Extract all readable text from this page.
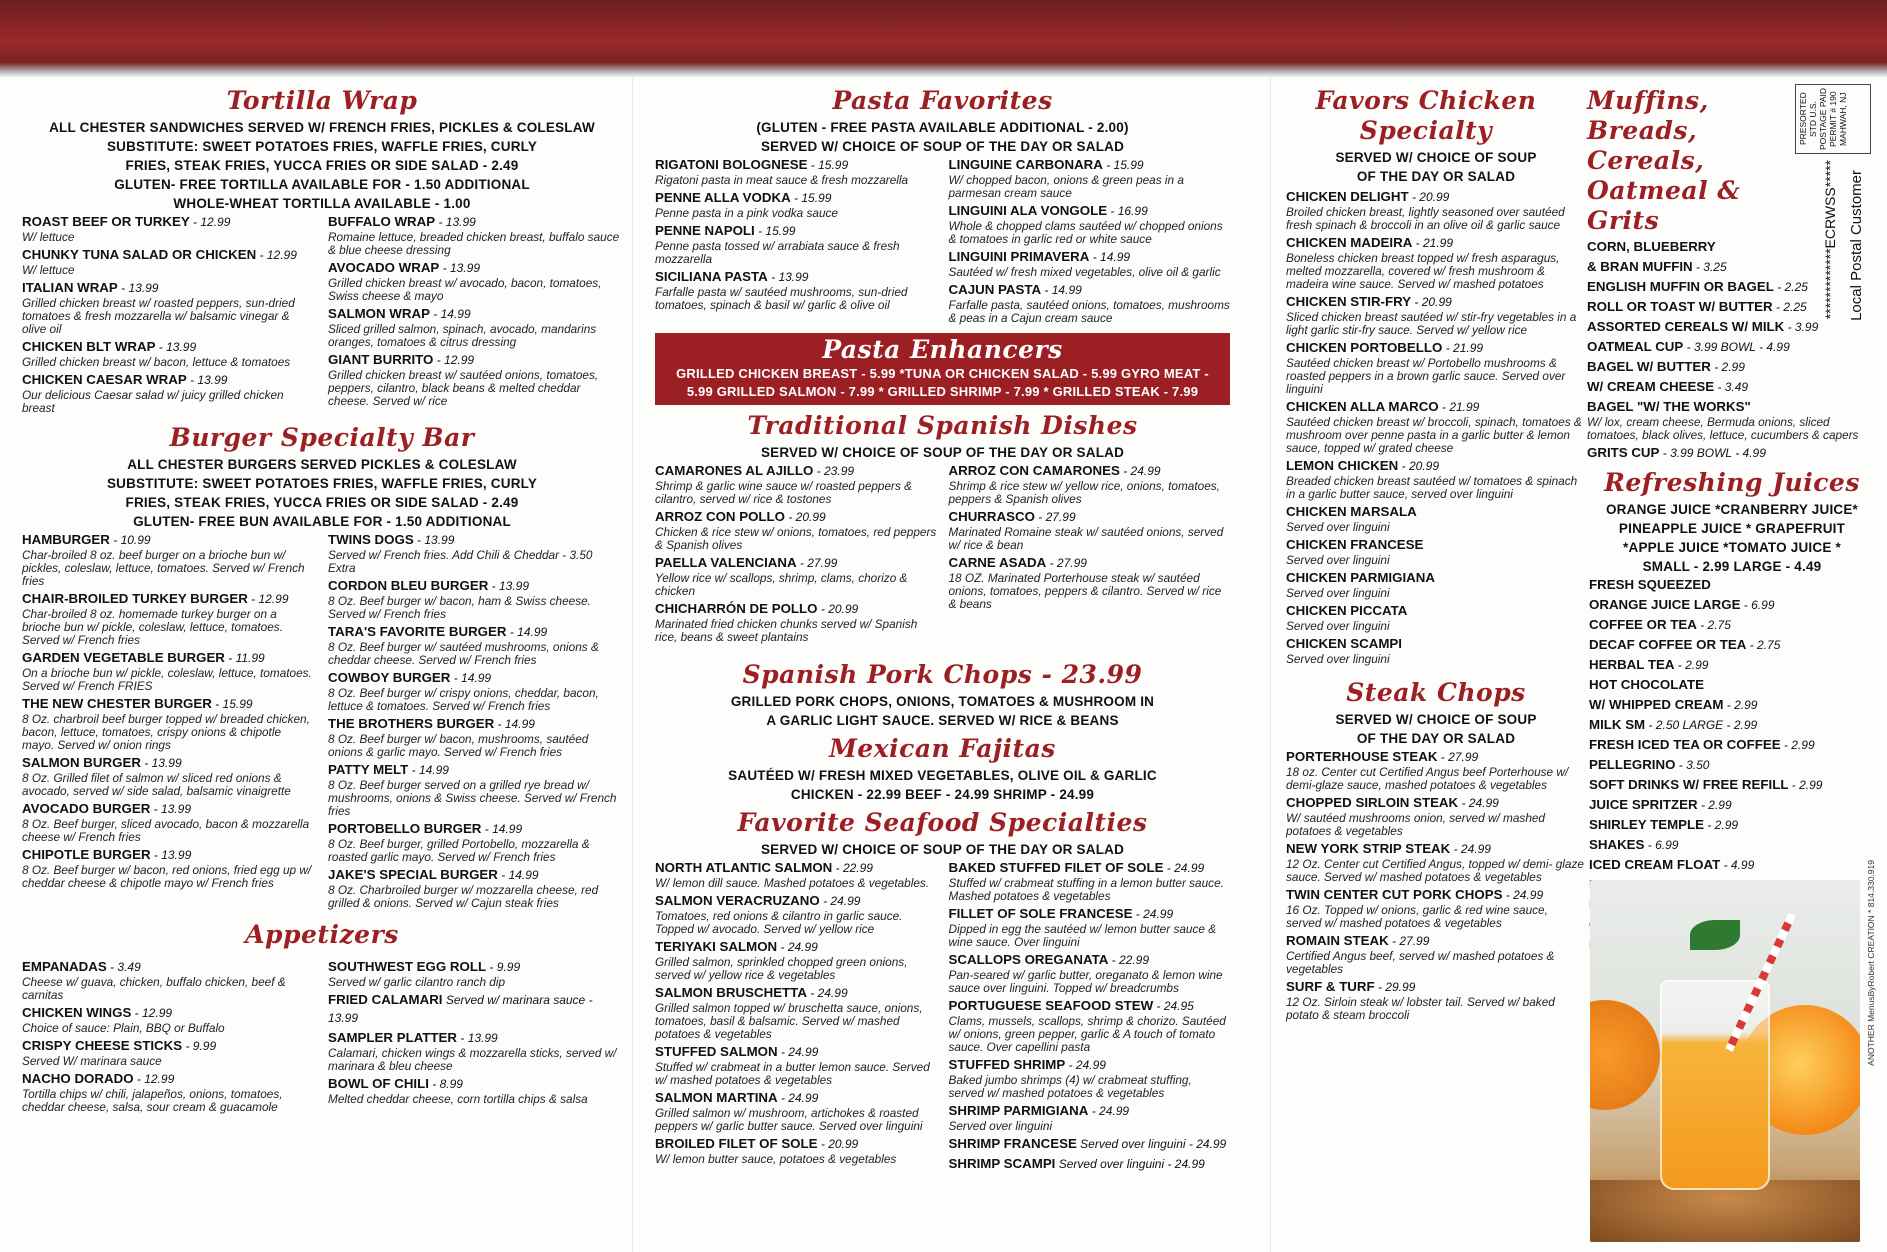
Tortilla Wrap
ALL CHESTER SANDWICHES SERVED W/ FRENCH FRIES, PICKLES & COLESLAW
SUBSTITUTE: SWEET POTATOES FRIES, WAFFLE FRIES, CURLY
FRIES, STEAK FRIES, YUCCA FRIES OR SIDE SALAD - 2.49
GLUTEN- FREE TORTILLA AVAILABLE FOR - 1.50 ADDITIONAL
WHOLE-WHEAT TORTILLA AVAILABLE - 1.00
ROAST BEEF OR TURKEY - 12.99
W/ lettuce
CHUNKY TUNA SALAD OR CHICKEN - 12.99
W/ lettuce
ITALIAN WRAP - 13.99
Grilled chicken breast w/ roasted peppers, sun-dried tomatoes & fresh mozzarella w/ balsamic vinegar & olive oil
CHICKEN BLT WRAP - 13.99
Grilled chicken breast w/ bacon, lettuce & tomatoes
CHICKEN CAESAR WRAP - 13.99
Our delicious Caesar salad w/ juicy grilled chicken breast
BUFFALO WRAP - 13.99
Romaine lettuce, breaded chicken breast, buffalo sauce & blue cheese dressing
AVOCADO WRAP - 13.99
Grilled chicken breast w/ avocado, bacon, tomatoes, Swiss cheese & mayo
SALMON WRAP - 14.99
Sliced grilled salmon, spinach, avocado, mandarins oranges, tomatoes & citrus dressing
GIANT BURRITO - 12.99
Grilled chicken breast w/ sautéed onions, tomatoes, peppers, cilantro, black beans & melted cheddar cheese. Served w/ rice
Burger Specialty Bar
ALL CHESTER BURGERS SERVED PICKLES & COLESLAW
SUBSTITUTE: SWEET POTATOES FRIES, WAFFLE FRIES, CURLY
FRIES, STEAK FRIES, YUCCA FRIES OR SIDE SALAD - 2.49
GLUTEN- FREE BUN AVAILABLE FOR - 1.50 ADDITIONAL
HAMBURGER - 10.99
Char-broiled 8 oz. beef burger on a brioche bun w/ pickles, coleslaw, lettuce, tomatoes. Served w/ French fries
CHAIR-BROILED TURKEY BURGER - 12.99
Char-broiled 8 oz. homemade turkey burger on a brioche bun w/ pickle, coleslaw, lettuce, tomatoes. Served w/ French fries
GARDEN VEGETABLE BURGER - 11.99
On a brioche bun w/ pickle, coleslaw, lettuce, tomatoes. Served w/ French FRIES
THE NEW CHESTER BURGER - 15.99
8 Oz. charbroil beef burger topped w/ breaded chicken, bacon, lettuce, tomatoes, crispy onions & chipotle mayo. Served w/ onion rings
SALMON BURGER - 13.99
8 Oz. Grilled filet of salmon w/ sliced red onions & avocado, served w/ side salad, balsamic vinaigrette
AVOCADO BURGER - 13.99
8 Oz. Beef burger, sliced avocado, bacon & mozzarella cheese w/ French fries
CHIPOTLE BURGER - 13.99
8 Oz. Beef burger w/ bacon, red onions, fried egg up w/ cheddar cheese & chipotle mayo w/ French fries
TWINS DOGS - 13.99
Served w/ French fries. Add Chili & Cheddar - 3.50 Extra
CORDON BLEU BURGER - 13.99
8 Oz. Beef burger w/ bacon, ham & Swiss cheese. Served w/ French fries
TARA'S FAVORITE BURGER - 14.99
8 Oz. Beef burger w/ sautéed mushrooms, onions & cheddar cheese. Served w/ French fries
COWBOY BURGER - 14.99
8 Oz. Beef burger w/ crispy onions, cheddar, bacon, lettuce & tomatoes. Served w/ French fries
THE BROTHERS BURGER - 14.99
8 Oz. Beef burger w/ bacon, mushrooms, sautéed onions & garlic mayo. Served w/ French fries
PATTY MELT - 14.99
8 Oz. Beef burger served on a grilled rye bread w/ mushrooms, onions & Swiss cheese. Served w/ French fries
PORTOBELLO BURGER - 14.99
8 Oz. Beef burger, grilled Portobello, mozzarella & roasted garlic mayo. Served w/ French fries
JAKE'S SPECIAL BURGER - 14.99
8 Oz. Charbroiled burger w/ mozzarella cheese, red grilled & onions. Served w/ Cajun steak fries
Appetizers
EMPANADAS - 3.49
Cheese w/ guava, chicken, buffalo chicken, beef & carnitas
CHICKEN WINGS - 12.99
Choice of sauce: Plain, BBQ or Buffalo
CRISPY CHEESE STICKS - 9.99
Served W/ marinara sauce
NACHO DORADO - 12.99
Tortilla chips w/ chili, jalapeños, onions, tomatoes, cheddar cheese, salsa, sour cream & guacamole
SOUTHWEST EGG ROLL - 9.99
Served w/ garlic cilantro ranch dip
FRIED CALAMARI Served w/ marinara sauce - 13.99
SAMPLER PLATTER - 13.99
Calamari, chicken wings & mozzarella sticks, served w/ marinara & bleu cheese
BOWL OF CHILI - 8.99
Melted cheddar cheese, corn tortilla chips & salsa
Pasta Favorites
(GLUTEN - FREE PASTA AVAILABLE ADDITIONAL - 2.00)
SERVED W/ CHOICE OF SOUP OF THE DAY OR SALAD
RIGATONI BOLOGNESE - 15.99
Rigatoni pasta in meat sauce & fresh mozzarella
PENNE ALLA VODKA - 15.99
Penne pasta in a pink vodka sauce
PENNE NAPOLI - 15.99
Penne pasta tossed w/ arrabiata sauce & fresh mozzarella
SICILIANA PASTA - 13.99
Farfalle pasta w/ sautéed mushrooms, sun-dried tomatoes, spinach & basil w/ garlic & olive oil
LINGUINE CARBONARA - 15.99
W/ chopped bacon, onions & green peas in a parmesan cream sauce
LINGUINI ALA VONGOLE - 16.99
Whole & chopped clams sautéed w/ chopped onions & tomatoes in garlic red or white sauce
LINGUINI PRIMAVERA - 14.99
Sautéed w/ fresh mixed vegetables, olive oil & garlic
CAJUN PASTA - 14.99
Farfalle pasta, sautéed onions, tomatoes, mushrooms & peas in a Cajun cream sauce
Pasta Enhancers
GRILLED CHICKEN BREAST - 5.99 *TUNA OR CHICKEN SALAD - 5.99 GYRO MEAT -
5.99 GRILLED SALMON - 7.99 * GRILLED SHRIMP - 7.99 * GRILLED STEAK - 7.99
Traditional Spanish Dishes
SERVED W/ CHOICE OF SOUP OF THE DAY OR SALAD
CAMARONES AL AJILLO - 23.99
Shrimp & garlic wine sauce w/ roasted peppers & cilantro, served w/ rice & tostones
ARROZ CON POLLO - 20.99
Chicken & rice stew w/ onions, tomatoes, red peppers & Spanish olives
PAELLA VALENCIANA - 27.99
Yellow rice w/ scallops, shrimp, clams, chorizo & chicken
CHICHARRÓN DE POLLO - 20.99
Marinated fried chicken chunks served w/ Spanish rice, beans & sweet plantains
ARROZ CON CAMARONES - 24.99
Shrimp & rice stew w/ yellow rice, onions, tomatoes, peppers & Spanish olives
CHURRASCO - 27.99
Marinated Romaine steak w/ sautéed onions, served w/ rice & bean
CARNE ASADA - 27.99
18 OZ. Marinated Porterhouse steak w/ sautéed onions, tomatoes, peppers & cilantro. Served w/ rice & beans
Spanish Pork Chops - 23.99
GRILLED PORK CHOPS, ONIONS, TOMATOES & MUSHROOM IN
A GARLIC LIGHT SAUCE. SERVED W/ RICE & BEANS
Mexican Fajitas
SAUTÉED W/ FRESH MIXED VEGETABLES, OLIVE OIL & GARLIC
CHICKEN - 22.99 BEEF - 24.99 SHRIMP - 24.99
Favorite Seafood Specialties
SERVED W/ CHOICE OF SOUP OF THE DAY OR SALAD
NORTH ATLANTIC SALMON - 22.99
W/ lemon dill sauce. Mashed potatoes & vegetables.
SALMON VERACRUZANO - 24.99
Tomatoes, red onions & cilantro in garlic sauce. Topped w/ avocado. Served w/ yellow rice
TERIYAKI SALMON - 24.99
Grilled salmon, sprinkled chopped green onions, served w/ yellow rice & vegetables
SALMON BRUSCHETTA - 24.99
Grilled salmon topped w/ bruschetta sauce, onions, tomatoes, basil & balsamic. Served w/ mashed potatoes & vegetables
STUFFED SALMON - 24.99
Stuffed w/ crabmeat in a butter lemon sauce. Served w/ mashed potatoes & vegetables
SALMON MARTINA - 24.99
Grilled salmon w/ mushroom, artichokes & roasted peppers w/ garlic butter sauce. Served over linguini
BROILED FILET OF SOLE - 20.99
W/ lemon butter sauce, potatoes & vegetables
BAKED STUFFED FILET OF SOLE - 24.99
Stuffed w/ crabmeat stuffing in a lemon butter sauce. Mashed potatoes & vegetables
FILLET OF SOLE FRANCESE - 24.99
Dipped in egg the sautéed w/ lemon butter sauce & wine sauce. Over linguini
SCALLOPS OREGANATA - 22.99
Pan-seared w/ garlic butter, oreganato & lemon wine sauce over linguini. Topped w/ breadcrumbs
PORTUGUESE SEAFOOD STEW - 24.95
Clams, mussels, scallops, shrimp & chorizo. Sautéed w/ onions, green pepper, garlic & A touch of tomato sauce. Over capellini pasta
STUFFED SHRIMP - 24.99
Baked jumbo shrimps (4) w/ crabmeat stuffing, served w/ mashed potatoes & vegetables
SHRIMP PARMIGIANA - 24.99
Served over linguini
SHRIMP FRANCESE Served over linguini - 24.99
SHRIMP SCAMPI Served over linguini - 24.99
Favors Chicken Specialty
SERVED W/ CHOICE OF SOUP
OF THE DAY OR SALAD
CHICKEN DELIGHT - 20.99
Broiled chicken breast, lightly seasoned over sautéed fresh spinach & broccoli in an olive oil & garlic sauce
CHICKEN MADEIRA - 21.99
Boneless chicken breast topped w/ fresh asparagus, melted mozzarella, covered w/ fresh mushroom & madeira wine sauce. Served w/ mashed potatoes
CHICKEN STIR-FRY - 20.99
Sliced chicken breast sautéed w/ stir-fry vegetables in a light garlic stir-fry sauce. Served w/ yellow rice
CHICKEN PORTOBELLO - 21.99
Sautéed chicken breast w/ Portobello mushrooms & roasted peppers in a brown garlic sauce. Served over linguini
CHICKEN ALLA MARCO - 21.99
Sautéed chicken breast w/ broccoli, spinach, tomatoes & mushroom over penne pasta in a garlic butter & lemon sauce, topped w/ grated cheese
LEMON CHICKEN - 20.99
Breaded chicken breast sautéed w/ tomatoes & spinach in a garlic butter sauce, served over linguini
CHICKEN MARSALA
Served over linguini
CHICKEN FRANCESE
Served over linguini
CHICKEN PARMIGIANA
Served over linguini
CHICKEN PICCATA
Served over linguini
CHICKEN SCAMPI
Served over linguini
Steak Chops
SERVED W/ CHOICE OF SOUP
OF THE DAY OR SALAD
PORTERHOUSE STEAK - 27.99
18 oz. Center cut Certified Angus beef Porterhouse w/ demi-glaze sauce, mashed potatoes & vegetables
CHOPPED SIRLOIN STEAK - 24.99
W/ sautéed mushrooms onion, served w/ mashed potatoes & vegetables
NEW YORK STRIP STEAK - 24.99
12 Oz. Center cut Certified Angus, topped w/ demi- glaze sauce. Served w/ mashed potatoes & vegetables
TWIN CENTER CUT PORK CHOPS - 24.99
16 Oz. Topped w/ onions, garlic & red wine sauce, served w/ mashed potatoes & vegetables
ROMAIN STEAK - 27.99
Certified Angus beef, served w/ mashed potatoes & vegetables
SURF & TURF - 29.99
12 Oz. Sirloin steak w/ lobster tail. Served w/ baked potato & steam broccoli
Muffins, Breads, Cereals, Oatmeal & Grits
CORN, BLUEBERRY
& BRAN MUFFIN - 3.25
ENGLISH MUFFIN OR BAGEL - 2.25
ROLL OR TOAST W/ BUTTER - 2.25
ASSORTED CEREALS W/ MILK - 3.99
OATMEAL CUP - 3.99 BOWL - 4.99
BAGEL W/ BUTTER - 2.99
W/ CREAM CHEESE - 3.49
BAGEL "W/ THE WORKS"
W/ lox, cream cheese, Bermuda onions, sliced tomatoes, black olives, lettuce, cucumbers & capers
GRITS CUP - 3.99 BOWL - 4.99
Refreshing Juices
ORANGE JUICE *CRANBERRY JUICE*
PINEAPPLE JUICE * GRAPEFRUIT
*APPLE JUICE *TOMATO JUICE *
SMALL - 2.99 LARGE - 4.49
FRESH SQUEEZED
ORANGE JUICE LARGE - 6.99
COFFEE OR TEA - 2.75
DECAF COFFEE OR TEA - 2.75
HERBAL TEA - 2.99
HOT CHOCOLATE
W/ WHIPPED CREAM - 2.99
MILK SM - 2.50 LARGE - 2.99
FRESH ICED TEA OR COFFEE - 2.99
PELLEGRINO - 3.50
SOFT DRINKS W/ FREE REFILL - 2.99
JUICE SPRITZER - 2.99
SHIRLEY TEMPLE - 2.99
SHAKES - 6.99
ICED CREAM FLOAT - 4.99
PRESORTED STD U.S. POSTAGE PAID PERMIT # 190 MAHWAH, NJ
*************ECRWSS***** Local Postal Customer
ANOTHER MenusByRobert CREATION * 814.330.919
